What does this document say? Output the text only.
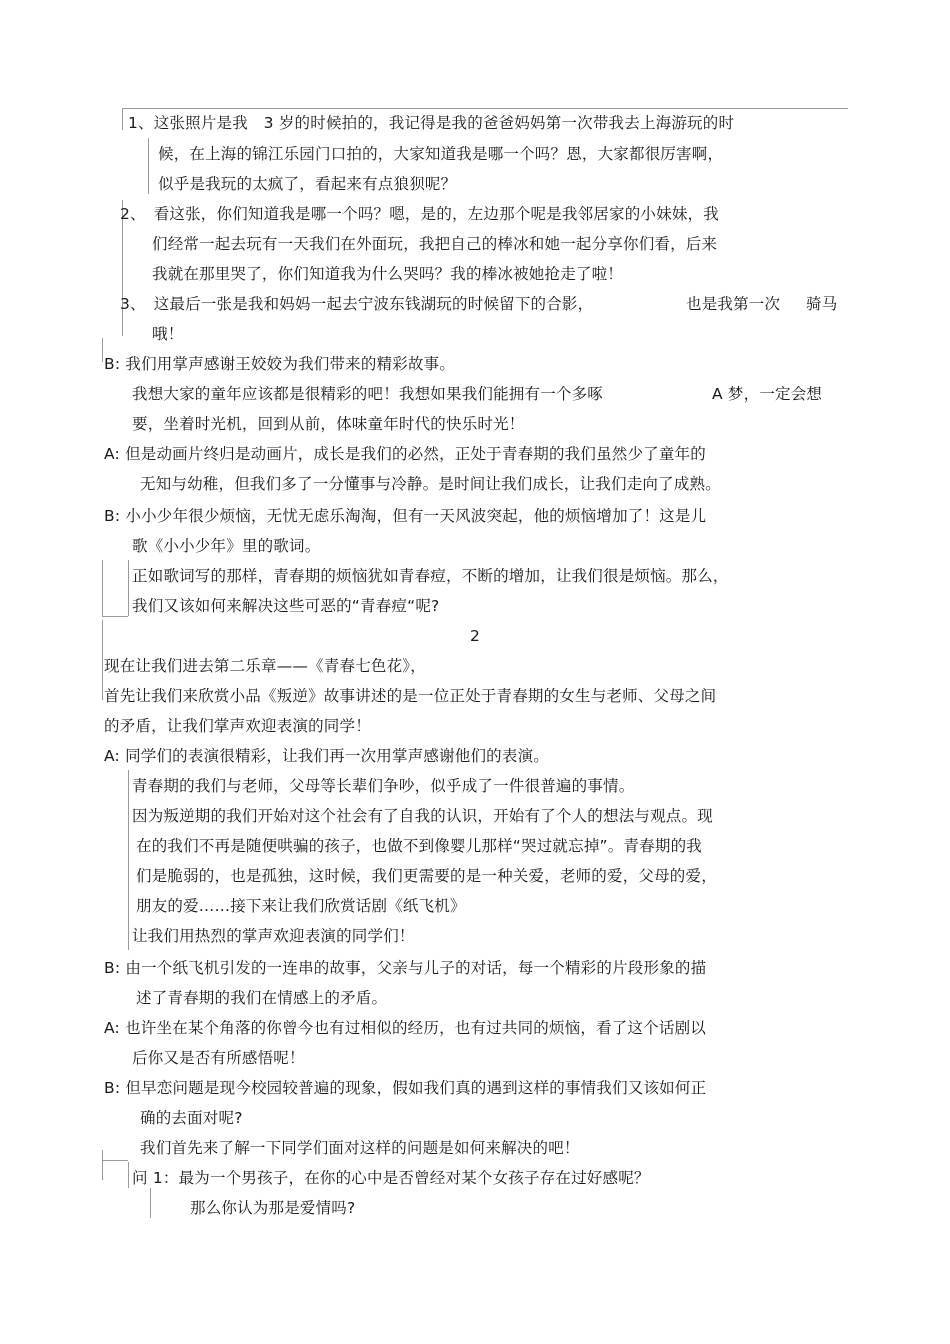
1、这张照片是我　3 岁的时候拍的，我记得是我的爸爸妈妈第一次带我去上海游玩的时
候，在上海的锦江乐园门口拍的，大家知道我是哪一个吗？恩，大家都很厉害啊，
似乎是我玩的太疯了，看起来有点狼狈呢？
2、　看这张，你们知道我是哪一个吗？嗯，是的，左边那个呢是我邻居家的小妹妹，我
们经常一起去玩有一天我们在外面玩，我把自己的棒冰和她一起分享你们看，后来
我就在那里哭了，你们知道我为什么哭吗？我的棒冰被她抢走了啦！
3、　这最后一张是我和妈妈一起去宁波东钱湖玩的时候留下的合影，	也是我第一次 骑马
哦！
B: 我们用掌声感谢王姣姣为我们带来的精彩故事。
我想大家的童年应该都是很精彩的吧！我想如果我们能拥有一个多啄	A 梦，一定会想
要，坐着时光机，回到从前，体味童年时代的快乐时光！
A: 但是动画片终归是动画片，成长是我们的必然，正处于青春期的我们虽然少了童年的
无知与幼稚，但我们多了一分懂事与冷静。是时间让我们成长，让我们走向了成熟。
B: 小小少年很少烦恼，无忧无虑乐淘淘，但有一天风波突起，他的烦恼增加了！这是儿
歌《小小少年》里的歌词。
正如歌词写的那样，青春期的烦恼犹如青春痘，不断的增加，让我们很是烦恼。那么，
我们又该如何来解决这些可恶的“青春痘“呢?
2
现在让我们进去第二乐章——《青春七色花》，
首先让我们来欣赏小品《叛逆》故事讲述的是一位正处于青春期的女生与老师、父母之间
的矛盾，让我们掌声欢迎表演的同学！
A: 同学们的表演很精彩，让我们再一次用掌声感谢他们的表演。
青春期的我们与老师，父母等长辈们争吵，似乎成了一件很普遍的事情。
因为叛逆期的我们开始对这个社会有了自我的认识，开始有了个人的想法与观点。现
在的我们不再是随便哄骗的孩子，也做不到像婴儿那样“哭过就忘掉”。青春期的我
们是脆弱的，也是孤独，这时候，我们更需要的是一种关爱，老师的爱，父母的爱，
朋友的爱……接下来让我们欣赏话剧《纸飞机》
让我们用热烈的掌声欢迎表演的同学们！
B: 由一个纸飞机引发的一连串的故事，父亲与儿子的对话，每一个精彩的片段形象的描
述了青春期的我们在情感上的矛盾。
A: 也许坐在某个角落的你曾今也有过相似的经历，也有过共同的烦恼，看了这个话剧以
后你又是否有所感悟呢！
B: 但早恋问题是现今校园较普遍的现象，假如我们真的遇到这样的事情我们又该如何正
确的去面对呢?
我们首先来了解一下同学们面对这样的问题是如何来解决的吧！
问 1：最为一个男孩子，在你的心中是否曾经对某个女孩子存在过好感呢？
那么你认为那是爱情吗?
